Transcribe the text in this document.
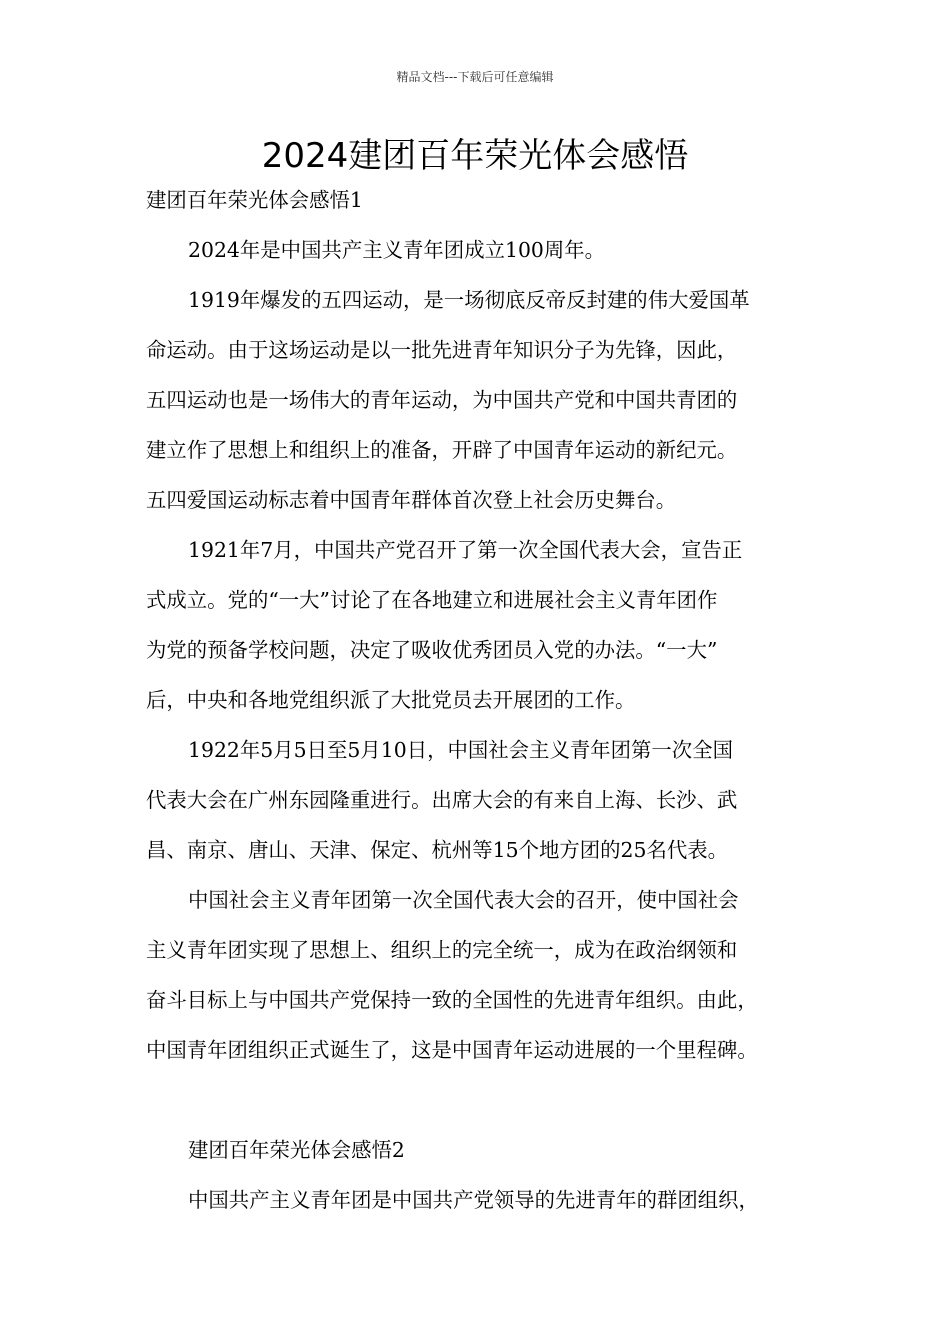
精品文档---下载后可任意编辑
2024建团百年荣光体会感悟
建团百年荣光体会感悟1
2024年是中国共产主义青年团成立100周年。
1919年爆发的五四运动，是一场彻底反帝反封建的伟大爱国革
命运动。由于这场运动是以一批先进青年知识分子为先锋，因此，
五四运动也是一场伟大的青年运动，为中国共产党和中国共青团的
建立作了思想上和组织上的准备，开辟了中国青年运动的新纪元。
五四爱国运动标志着中国青年群体首次登上社会历史舞台。
1921年7月，中国共产党召开了第一次全国代表大会，宣告正
式成立。党的“一大”讨论了在各地建立和进展社会主义青年团作
为党的预备学校问题，决定了吸收优秀团员入党的办法。“一大”
后，中央和各地党组织派了大批党员去开展团的工作。
1922年5月5日至5月10日，中国社会主义青年团第一次全国
代表大会在广州东园隆重进行。出席大会的有来自上海、长沙、武
昌、南京、唐山、天津、保定、杭州等15个地方团的25名代表。
中国社会主义青年团第一次全国代表大会的召开，使中国社会
主义青年团实现了思想上、组织上的完全统一，成为在政治纲领和
奋斗目标上与中国共产党保持一致的全国性的先进青年组织。由此，
中国青年团组织正式诞生了，这是中国青年运动进展的一个里程碑。
建团百年荣光体会感悟2
中国共产主义青年团是中国共产党领导的先进青年的群团组织，
